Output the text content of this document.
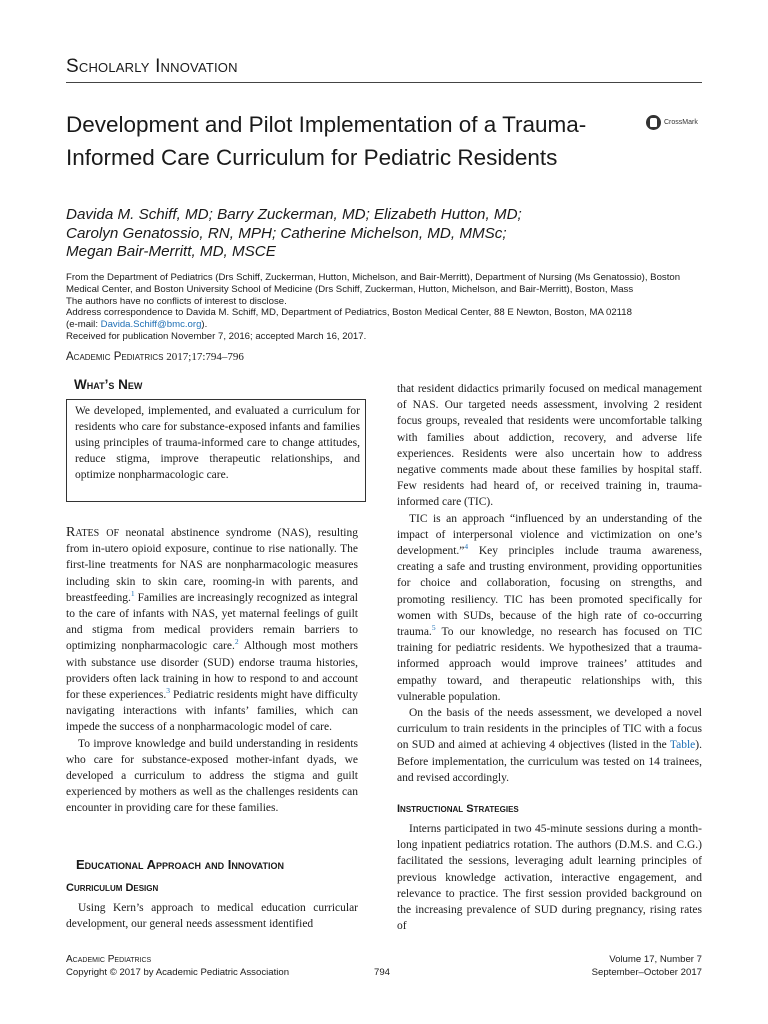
Scholarly Innovation
Development and Pilot Implementation of a Trauma-Informed Care Curriculum for Pediatric Residents
CrossMark
Davida M. Schiff, MD; Barry Zuckerman, MD; Elizabeth Hutton, MD;
Carolyn Genatossio, RN, MPH; Catherine Michelson, MD, MMSc;
Megan Bair-Merritt, MD, MSCE
From the Department of Pediatrics (Drs Schiff, Zuckerman, Hutton, Michelson, and Bair-Merritt), Department of Nursing (Ms Genatossio), Boston Medical Center, and Boston University School of Medicine (Drs Schiff, Zuckerman, Hutton, Michelson, and Bair-Merritt), Boston, Mass
The authors have no conflicts of interest to disclose.
Address correspondence to Davida M. Schiff, MD, Department of Pediatrics, Boston Medical Center, 88 E Newton, Boston, MA 02118
(e-mail: Davida.Schiff@bmc.org).
Received for publication November 7, 2016; accepted March 16, 2017.
Academic Pediatrics 2017;17:794–796
What’s New
We developed, implemented, and evaluated a curriculum for residents who care for substance-exposed infants and families using principles of trauma-informed care to change attitudes, reduce stigma, improve therapeutic relationships, and optimize nonpharmacologic care.

Rates of neonatal abstinence syndrome (NAS), resulting from in-utero opioid exposure, continue to rise nationally. The first-line treatments for NAS are nonpharmacologic measures including skin to skin care, rooming-in with parents, and breastfeeding.$^1$ Families are increasingly recognized as integral to the care of infants with NAS, yet maternal feelings of guilt and stigma from medical providers remain barriers to optimizing nonpharmacologic care.$^2$ Although most mothers with substance use disorder (SUD) endorse trauma histories, providers often lack training in how to respond to and account for these experiences.$^3$ Pediatric residents might have difficulty navigating interactions with infants’ families, which can impede the success of a nonpharmacologic model of care.

To improve knowledge and build understanding in residents who care for substance-exposed mother-infant dyads, we developed a curriculum to address the stigma and guilt experienced by mothers as well as the challenges residents can encounter in providing care for these families.

Educational Approach and Innovation
Curriculum Design

Using Kern’s approach to medical education curricular development, our general needs assessment identified

that resident didactics primarily focused on medical management of NAS. Our targeted needs assessment, involving 2 resident focus groups, revealed that residents were uncomfortable talking with families about addiction, recovery, and adverse life experiences. Residents were also uncertain how to address negative comments made about these families by hospital staff. Few residents had heard of, or received training in, trauma-informed care (TIC).

TIC is an approach “influenced by an understanding of the impact of interpersonal violence and victimization on one’s development.”$^4$ Key principles include trauma awareness, creating a safe and trusting environment, providing opportunities for choice and collaboration, focusing on strengths, and promoting resiliency. TIC has been promoted specifically for women with SUDs, because of the high rate of co-occurring trauma.$^5$ To our knowledge, no research has focused on TIC training for pediatric residents. We hypothesized that a trauma-informed approach would improve trainees’ attitudes and empathy toward, and therapeutic relationships with, this vulnerable population.

On the basis of the needs assessment, we developed a novel curriculum to train residents in the principles of TIC with a focus on SUD and aimed at achieving 4 objectives (listed in the Table). Before implementation, the curriculum was tested on 14 trainees, and revised accordingly.

Instructional Strategies

Interns participated in two 45-minute sessions during a month-long inpatient pediatrics rotation. The authors (D.M.S. and C.G.) facilitated the sessions, leveraging adult learning principles of previous knowledge activation, interactive engagement, and relevance to practice. The first session provided background on the increasing prevalence of SUD during pregnancy, rising rates of

Academic Pediatrics
Copyright © 2017 by Academic Pediatric Association	794
Volume 17, Number 7
September–October 2017
